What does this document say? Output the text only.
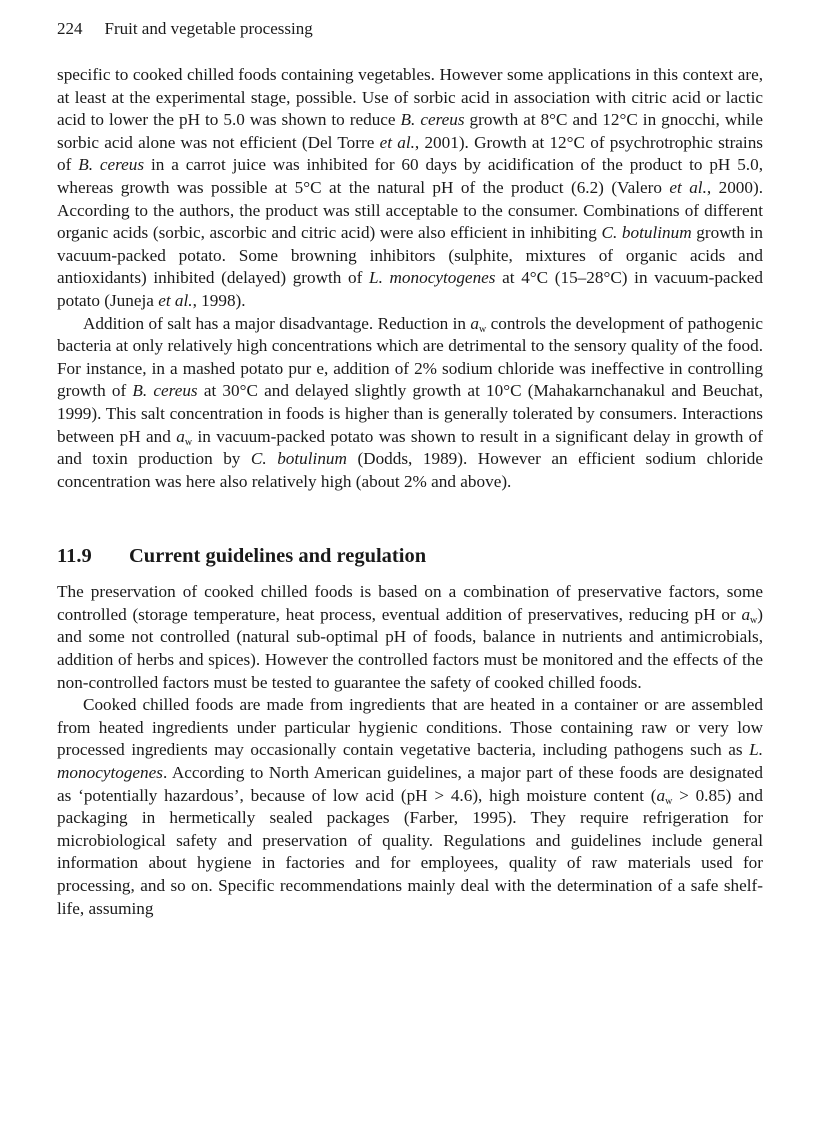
224 Fruit and vegetable processing

specific to cooked chilled foods containing vegetables. However some applications in this context are, at least at the experimental stage, possible. Use of sorbic acid in association with citric acid or lactic acid to lower the pH to 5.0 was shown to reduce B. cereus growth at 8°C and 12°C in gnocchi, while sorbic acid alone was not efficient (Del Torre et al., 2001). Growth at 12°C of psychrotrophic strains of B. cereus in a carrot juice was inhibited for 60 days by acidification of the product to pH 5.0, whereas growth was possible at 5°C at the natural pH of the product (6.2) (Valero et al., 2000). According to the authors, the product was still acceptable to the consumer. Combinations of different organic acids (sorbic, ascorbic and citric acid) were also efficient in inhibiting C. botulinum growth in vacuum-packed potato. Some browning inhibitors (sulphite, mixtures of organic acids and antioxidants) inhibited (delayed) growth of L. monocytogenes at 4°C (15–28°C) in vacuum-packed potato (Juneja et al., 1998).

Addition of salt has a major disadvantage. Reduction in $a_w$ controls the development of pathogenic bacteria at only relatively high concentrations which are detrimental to the sensory quality of the food. For instance, in a mashed potato pur e, addition of 2% sodium chloride was ineffective in controlling growth of B. cereus at 30°C and delayed slightly growth at 10°C (Mahakarnchanakul and Beuchat, 1999). This salt concentration in foods is higher than is generally tolerated by consumers. Interactions between pH and $a_w$ in vacuum-packed potato was shown to result in a significant delay in growth of and toxin production by C. botulinum (Dodds, 1989). However an efficient sodium chloride concentration was here also relatively high (about 2% and above).

11.9 Current guidelines and regulation

The preservation of cooked chilled foods is based on a combination of preservative factors, some controlled (storage temperature, heat process, eventual addition of preservatives, reducing pH or $a_w$) and some not controlled (natural sub-optimal pH of foods, balance in nutrients and antimicrobials, addition of herbs and spices). However the controlled factors must be monitored and the effects of the non-controlled factors must be tested to guarantee the safety of cooked chilled foods.

Cooked chilled foods are made from ingredients that are heated in a container or are assembled from heated ingredients under particular hygienic conditions. Those containing raw or very low processed ingredients may occasionally contain vegetative bacteria, including pathogens such as L. monocytogenes. According to North American guidelines, a major part of these foods are designated as ‘potentially hazardous’, because of low acid (pH > 4.6), high moisture content $(a_w > 0.85)$ and packaging in hermetically sealed packages (Farber, 1995). They require refrigeration for microbiological safety and preservation of quality. Regulations and guidelines include general information about hygiene in factories and for employees, quality of raw materials used for processing, and so on. Specific recommendations mainly deal with the determination of a safe shelf-life, assuming
